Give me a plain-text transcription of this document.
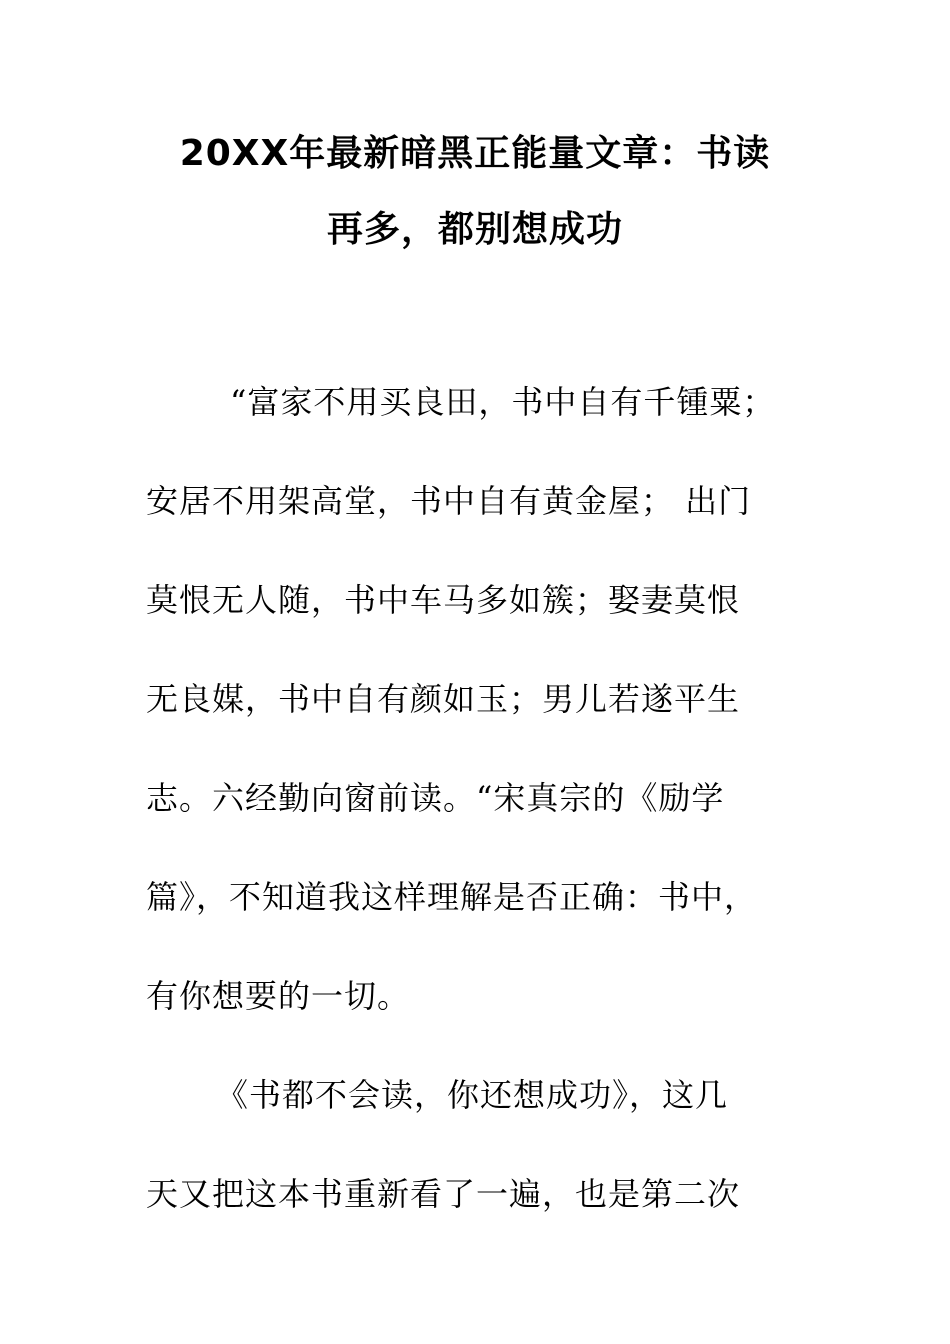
20XX年最新暗黑正能量文章：书读
再多，都别想成功
“富家不用买良田，书中自有千锺粟；
安居不用架高堂，书中自有黄金屋； 出门
莫恨无人随，书中车马多如簇；娶妻莫恨
无良媒，书中自有颜如玉；男儿若遂平生
志。六经勤向窗前读。“宋真宗的《励学
篇》，不知道我这样理解是否正确：书中，
有你想要的一切。
《书都不会读，你还想成功》，这几
天又把这本书重新看了一遍，也是第二次
